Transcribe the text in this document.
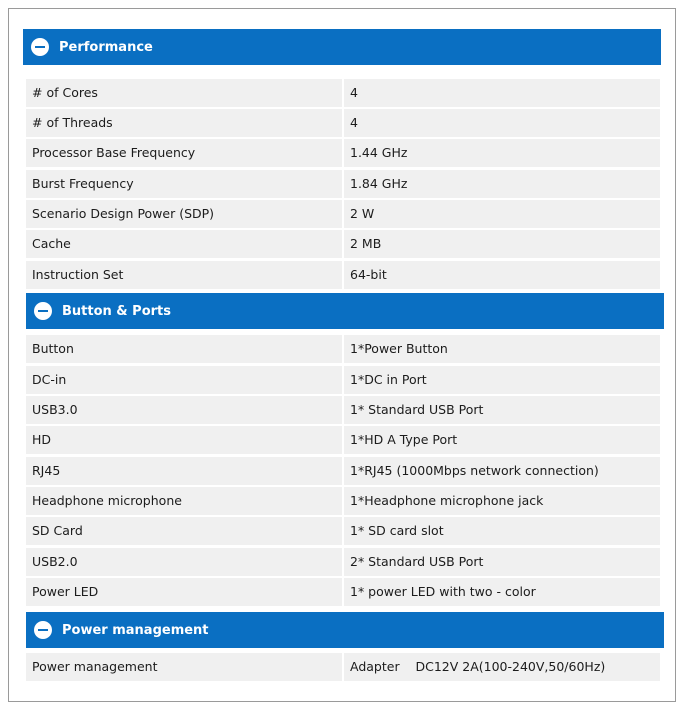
Performance
# of Cores	4
# of Threads	4
Processor Base Frequency	1.44 GHz
Burst Frequency	1.84 GHz
Scenario Design Power (SDP)	2 W
Cache	2 MB
Instruction Set	64-bit
Button & Ports
Button	1*Power Button
DC-in	1*DC in Port
USB3.0	1* Standard USB Port
HD	1*HD A Type Port
RJ45	1*RJ45 (1000Mbps network connection)
Headphone microphone	1*Headphone microphone jack
SD Card	1* SD card slot
USB2.0	2* Standard USB Port
Power LED	1* power LED with two - color
Power management
Power management	Adapter    DC12V 2A(100-240V,50/60Hz)
